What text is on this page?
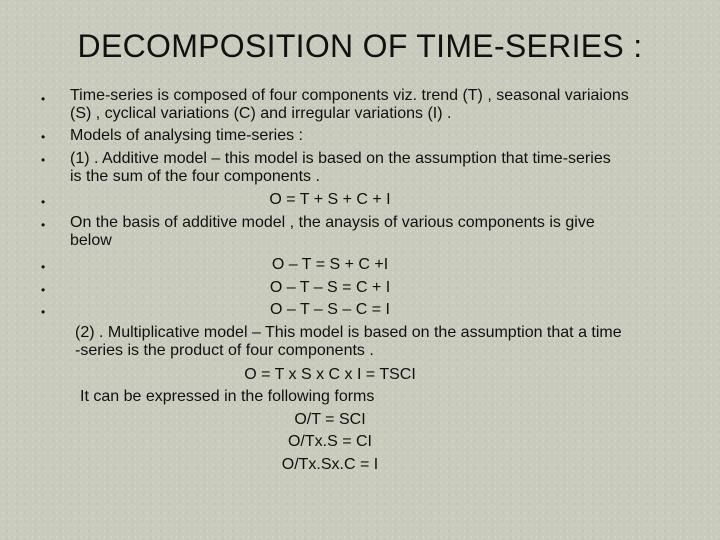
DECOMPOSITION OF TIME-SERIES :
•
•
•
•
•
•
•
•
Time-series is composed of four components viz. trend (T) , seasonal variaions
(S) , cyclical variations (C) and irregular variations (I) .
Models of analysing time-series :
(1) . Additive model – this model is based on the assumption that time-series
is the sum of the four components .
O = T + S + C + I
On the basis of additive model , the anaysis of various components is give
below
O – T = S + C +I
O – T – S = C + I
O – T – S – C = I
(2) . Multiplicative model – This model is based on the assumption that a time
-series is the product of four components .
O = T x S x C x I = TSCI
It can be expressed in the following forms
O/T = SCI
O/Tx.S = CI
O/Tx.Sx.C = I
